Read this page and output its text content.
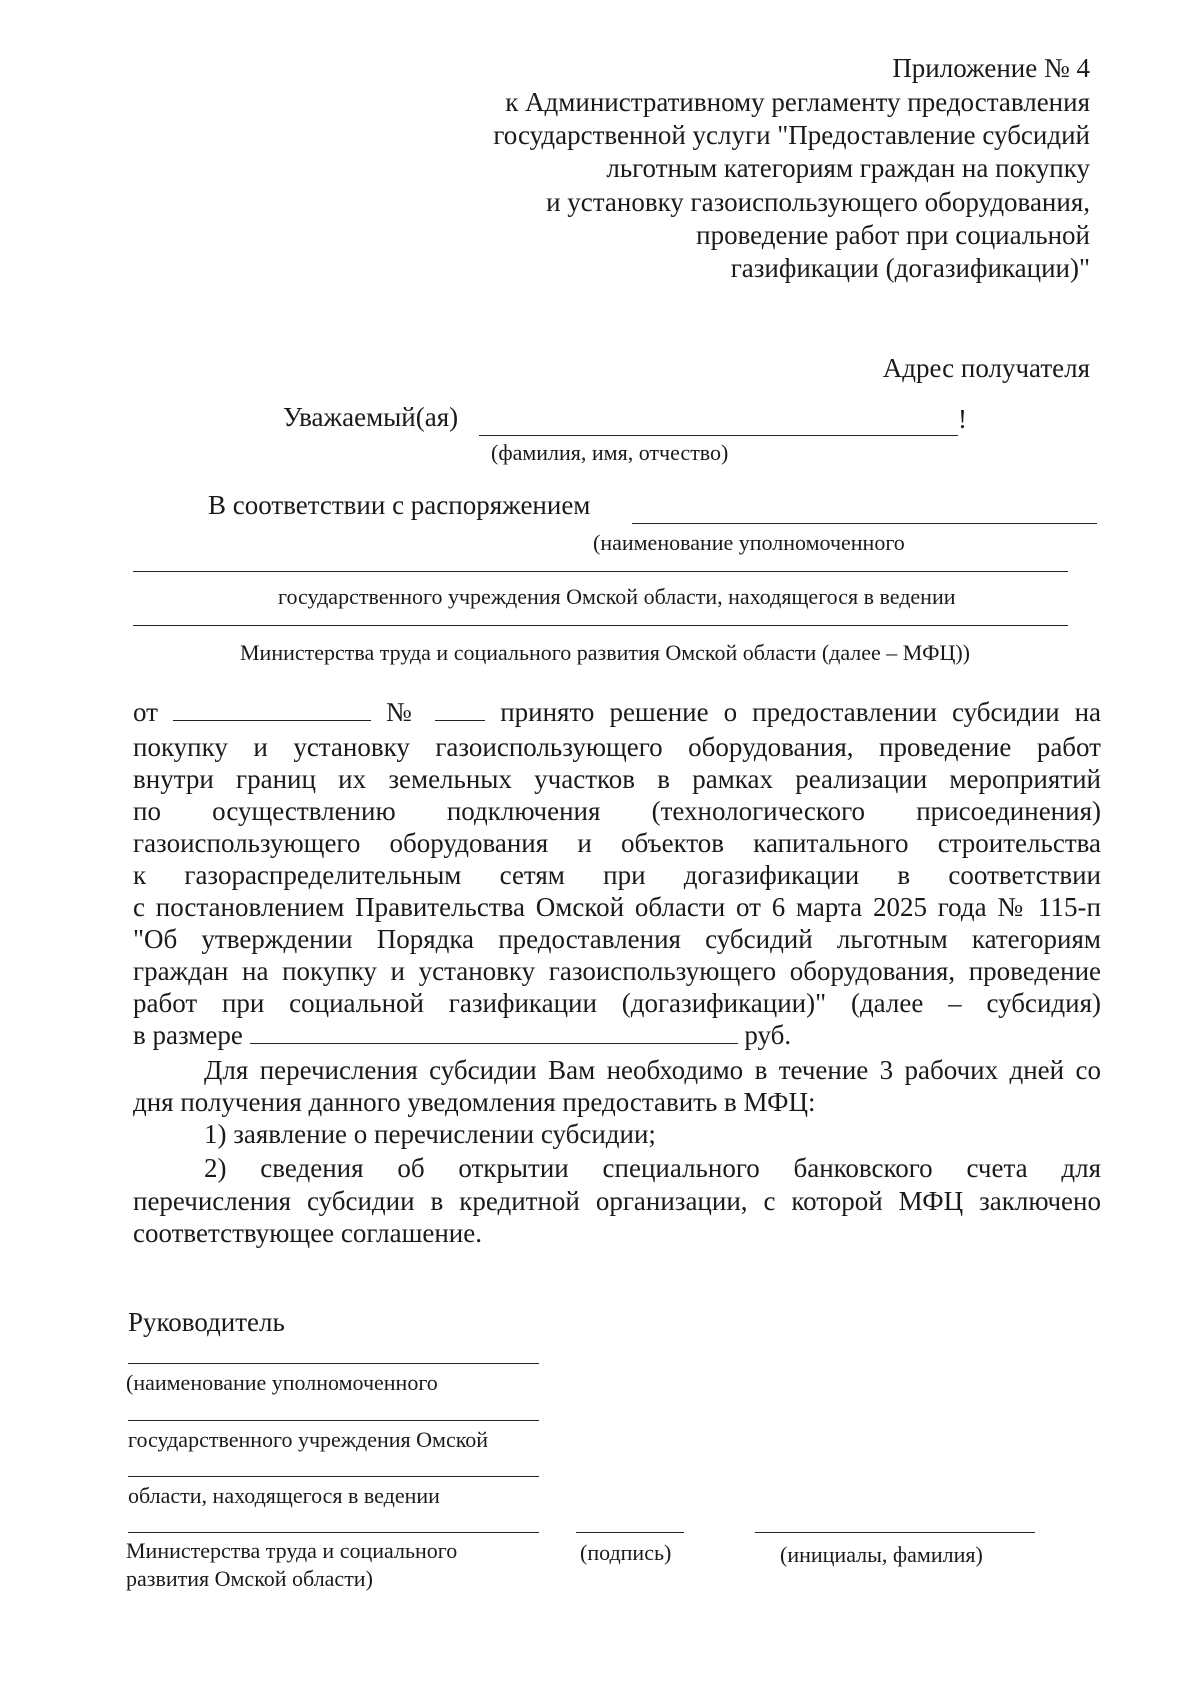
Приложение № 4
к Административному регламенту предоставления
государственной услуги "Предоставление субсидий
льготным категориям граждан на покупку
и установку газоиспользующего оборудования,
проведение работ при социальной
газификации (догазификации)"
Адрес получателя
Уважаемый(ая)	!
(фамилия, имя, отчество)
В соответствии с распоряжением
(наименование уполномоченного
государственного учреждения Омской области, находящегося в ведении
Министерства труда и социального развития Омской области (далее – МФЦ))
от	№	принято решение о предоставлении субсидии на
покупку и установку газоиспользующего оборудования, проведение работ
внутри границ их земельных участков в рамках реализации мероприятий
по осуществлению подключения (технологического присоединения)
газоиспользующего оборудования и объектов капитального строительства
к газораспределительным сетям при догазификации в соответствии
с постановлением Правительства Омской области от 6 марта 2025 года № 115-п
"Об утверждении Порядка предоставления субсидий льготным категориям
граждан на покупку и установку газоиспользующего оборудования, проведение
работ при социальной газификации (догазификации)" (далее – субсидия)
в размере	руб.
Для перечисления субсидии Вам необходимо в течение 3 рабочих дней со
дня получения данного уведомления предоставить в МФЦ:
1) заявление о перечислении субсидии;
2) сведения об открытии специального банковского счета для
перечисления субсидии в кредитной организации, с которой МФЦ заключено
соответствующее соглашение.
Руководитель
(наименование уполномоченного
государственного учреждения Омской
области, находящегося в ведении
Министерства труда и социального
развития Омской области)
(подпись)	(инициалы, фамилия)
